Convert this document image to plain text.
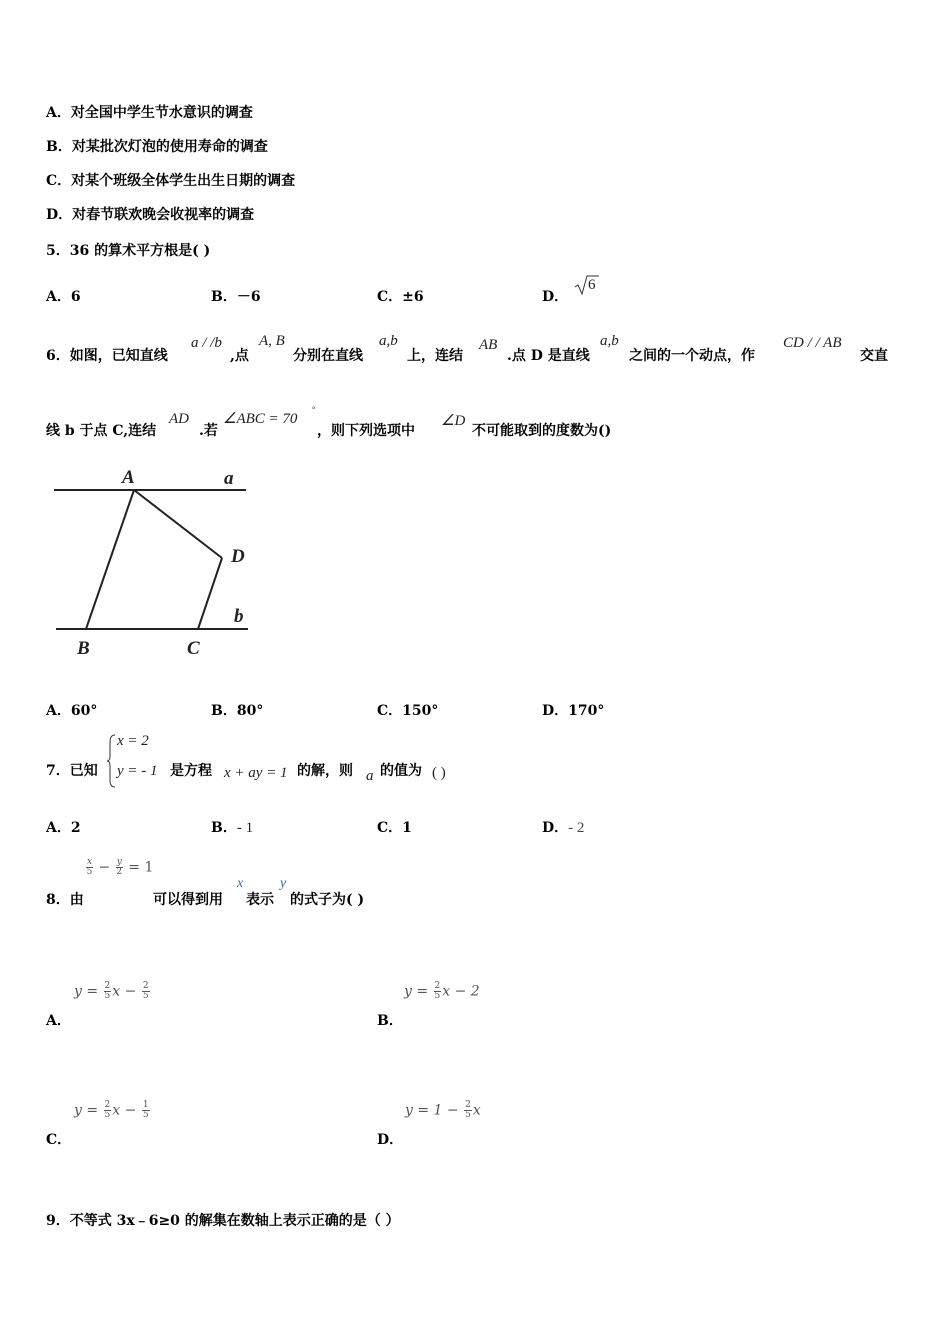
A．对全国中学生节水意识的调查
B．对某批次灯泡的使用寿命的调查
C．对某个班级全体学生出生日期的调查
D．对春节联欢晚会收视率的调查
5．36 的算术平方根是( )
A．6	B．－6	C．±6	D．
6
6．如图，已知直线
a / /b
,点
A, B
分别在直线
a,b
上，连结
AB
.点 D 是直线
a,b
之间的一个动点，作
CD / / AB
交直
线 b 于点 C,连结
AD
.若
∠ABC = 70
°
，则下列选项中
∠D
不可能取到的度数为()
A	a
D
b
B	C
A．60°	B．80°	C．150°	D．170°
7．已知
x = 2
y = - 1 是方程 x + ay = 1 的解，则 a 的值为 ( )
A．2	B．- 1	C．1	D．- 2
$\frac{x}{5} - \frac{y}{2} = 1$
8．由	可以得到用
x
表示
y
的式子为( )
$y = \frac{2}{5}$ $x - \frac{2}{5}$
A．
$y = \frac{2}{5}$ x − 2
B．
$y = \frac{2}{5}$ $x - \frac{1}{5}$
C．
$y = 1 - \frac{2}{5}$ x
D．
9．不等式 3x﹣6≥0 的解集在数轴上表示正确的是（ ）
